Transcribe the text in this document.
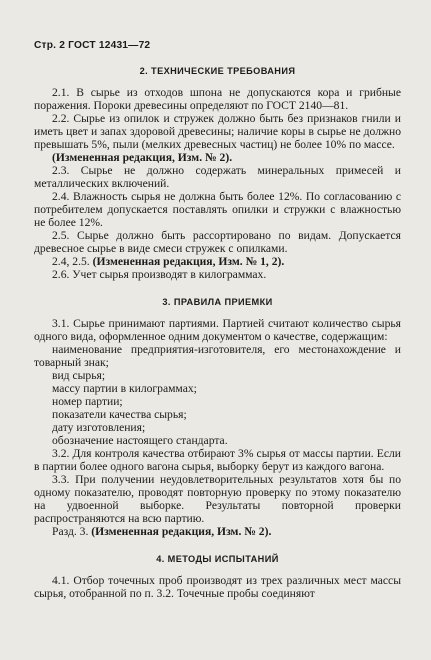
Стр. 2 ГОСТ 12431—72
2. ТЕХНИЧЕСКИЕ ТРЕБОВАНИЯ

2.1. В сырье из отходов шпона не допускаются кора и грибные поражения. Пороки древесины определяют по ГОСТ 2140—81.

2.2. Сырье из опилок и стружек должно быть без признаков гнили и иметь цвет и запах здоровой древесины; наличие коры в сырье не должно превышать 5%, пыли (мелких древесных частиц) не более 10% по массе.

(Измененная редакция, Изм. № 2).

2.3. Сырье не должно содержать минеральных примесей и металлических включений.

2.4. Влажность сырья не должна быть более 12%. По согласованию с потребителем допускается поставлять опилки и стружки с влажностью не более 12%.

2.5. Сырье должно быть рассортировано по видам. Допускается древесное сырье в виде смеси стружек с опилками.

2.4, 2.5. (Измененная редакция, Изм. № 1, 2).

2.6. Учет сырья производят в килограммах.

3. ПРАВИЛА ПРИЕМКИ

3.1. Сырье принимают партиями. Партией считают количество сырья одного вида, оформленное одним документом о качестве, содержащим:

наименование предприятия-изготовителя, его местонахождение и товарный знак;

вид сырья;

массу партии в килограммах;

номер партии;

показатели качества сырья;

дату изготовления;

обозначение настоящего стандарта.

3.2. Для контроля качества отбирают 3% сырья от массы партии. Если в партии более одного вагона сырья, выборку берут из каждого вагона.

3.3. При получении неудовлетворительных результатов хотя бы по одному показателю, проводят повторную проверку по этому показателю на удвоенной выборке. Результаты повторной проверки распространяются на всю партию.

Разд. 3. (Измененная редакция, Изм. № 2).

4. МЕТОДЫ ИСПЫТАНИЙ

4.1. Отбор точечных проб производят из трех различных мест массы сырья, отобранной по п. 3.2. Точечные пробы соединяют
